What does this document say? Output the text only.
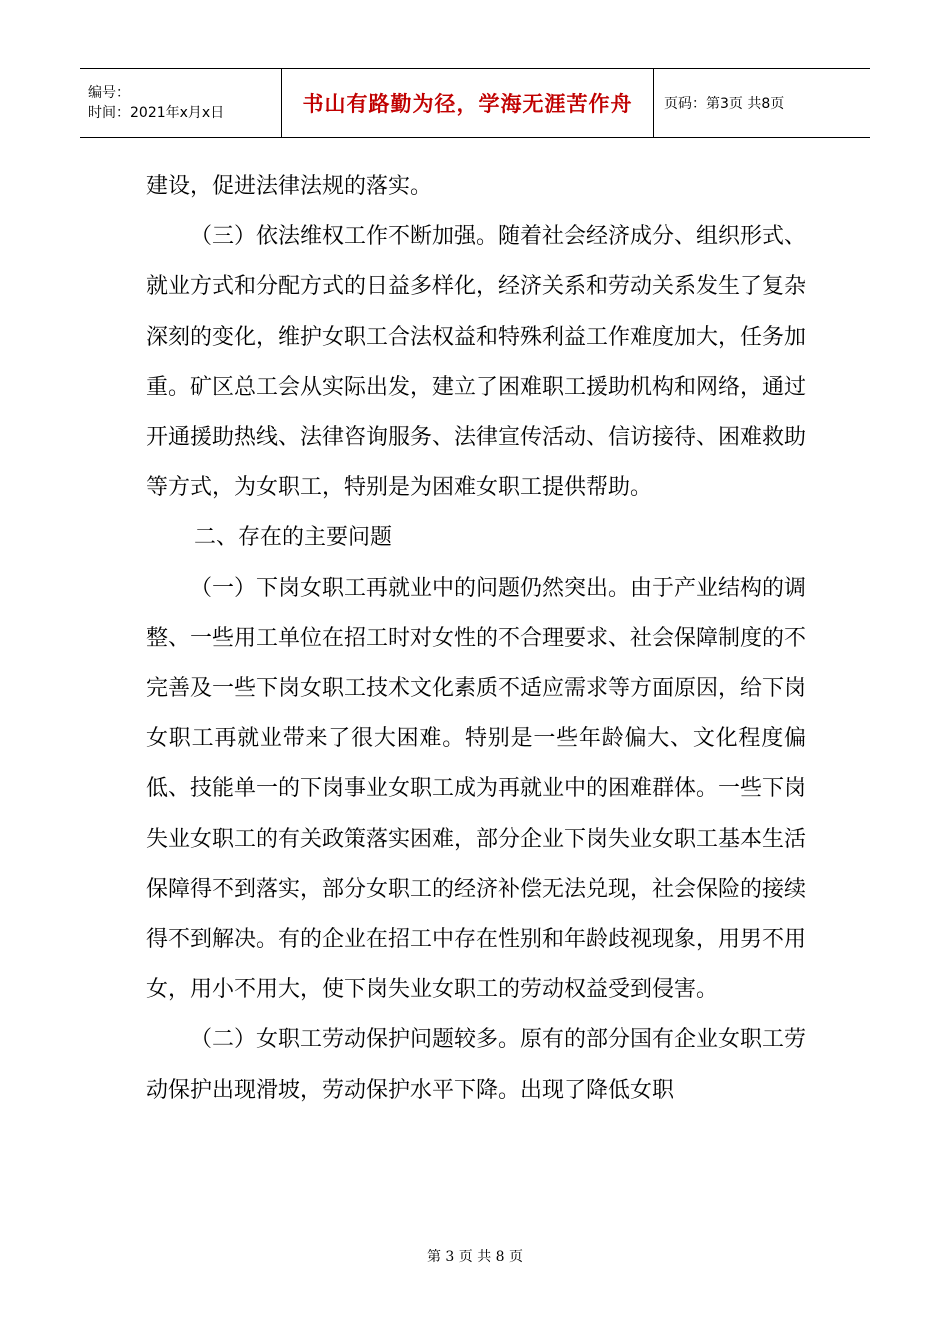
编号：
时间：2021年x月x日	书山有路勤为径，学海无涯苦作舟 页码：第3页 共8页

建设，促进法律法规的落实。

（三）依法维权工作不断加强。随着社会经济成分、组织形式、就业方式和分配方式的日益多样化，经济关系和劳动关系发生了复杂深刻的变化，维护女职工合法权益和特殊利益工作难度加大，任务加重。矿区总工会从实际出发，建立了困难职工援助机构和网络，通过开通援助热线、法律咨询服务、法律宣传活动、信访接待、困难救助等方式，为女职工，特别是为困难女职工提供帮助。

二、存在的主要问题

（一）下岗女职工再就业中的问题仍然突出。由于产业结构的调整、一些用工单位在招工时对女性的不合理要求、社会保障制度的不完善及一些下岗女职工技术文化素质不适应需求等方面原因，给下岗女职工再就业带来了很大困难。特别是一些年龄偏大、文化程度偏低、技能单一的下岗事业女职工成为再就业中的困难群体。一些下岗失业女职工的有关政策落实困难，部分企业下岗失业女职工基本生活保障得不到落实，部分女职工的经济补偿无法兑现，社会保险的接续得不到解决。有的企业在招工中存在性别和年龄歧视现象，用男不用女，用小不用大，使下岗失业女职工的劳动权益受到侵害。

（二）女职工劳动保护问题较多。原有的部分国有企业女职工劳动保护出现滑坡，劳动保护水平下降。出现了降低女职

第 3 页 共 8 页
